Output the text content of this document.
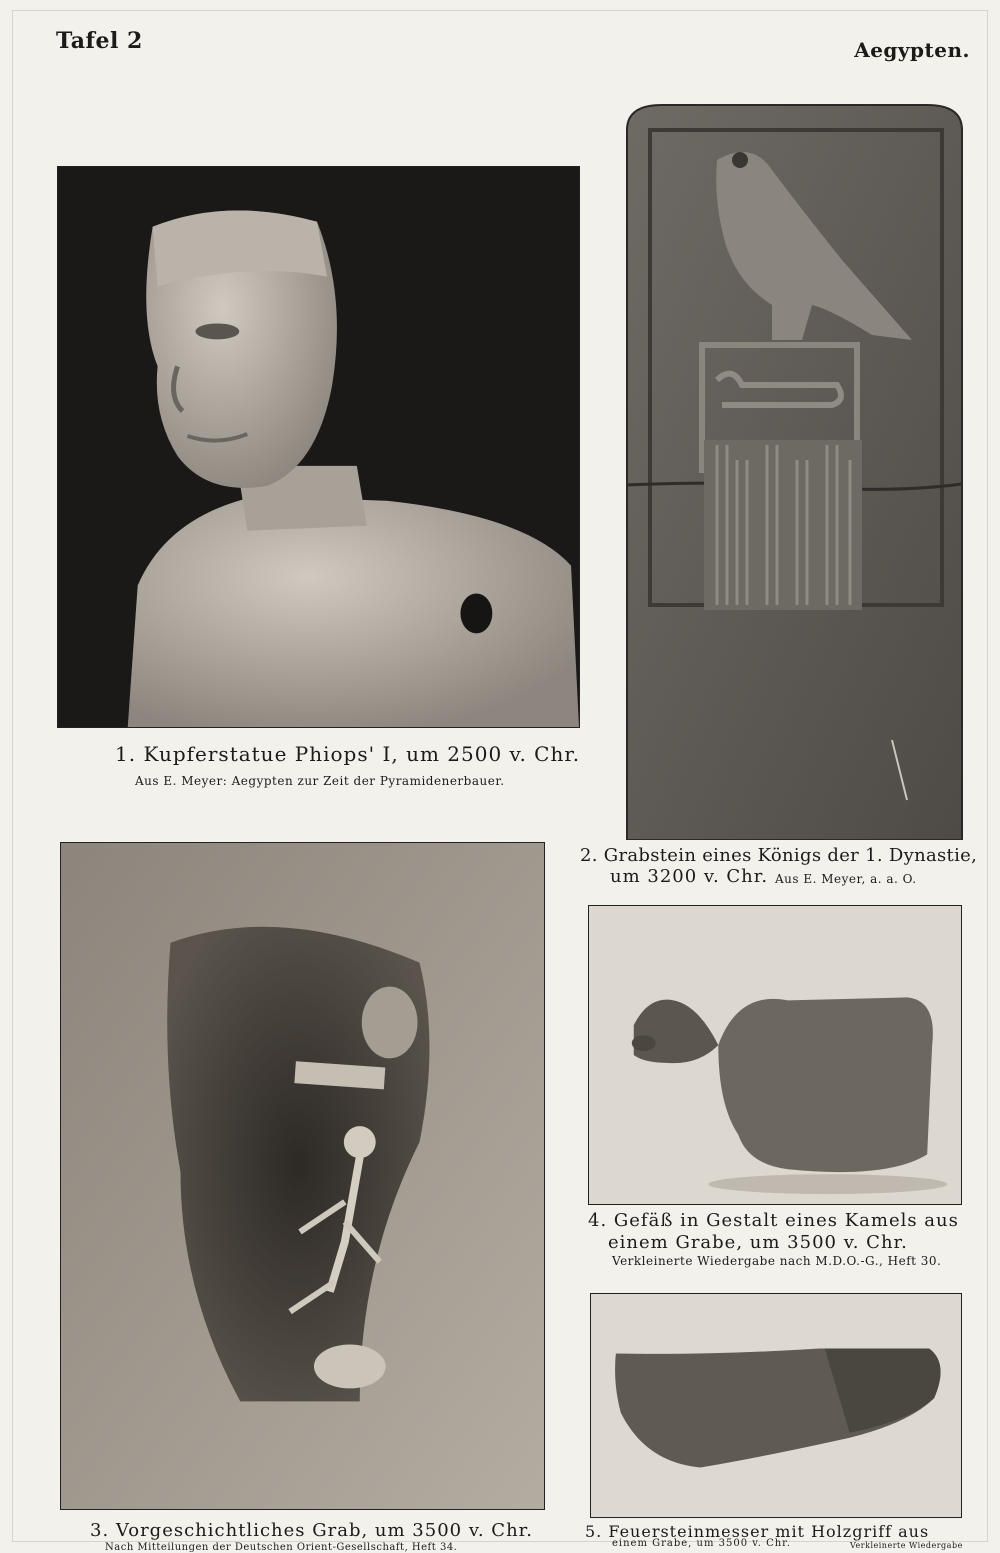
Tafel 2	Aegypten.
1. Kupferstatue Phiops' I, um 2500 v. Chr.
Aus E. Meyer: Aegypten zur Zeit der Pyramidenerbauer.
2. Grabstein eines Königs der 1. Dynastie,
um 3200 v. Chr. Aus E. Meyer, a. a. O.
3. Vorgeschichtliches Grab, um 3500 v. Chr.
Nach Mitteilungen der Deutschen Orient-Gesellschaft, Heft 34.
4. Gefäß in Gestalt eines Kamels aus
einem Grabe, um 3500 v. Chr.
Verkleinerte Wiedergabe nach M.D.O.-G., Heft 30.
5. Feuersteinmesser mit Holzgriff aus
einem Grabe, um 3500 v. Chr.	Verkleinerte Wiedergabe
